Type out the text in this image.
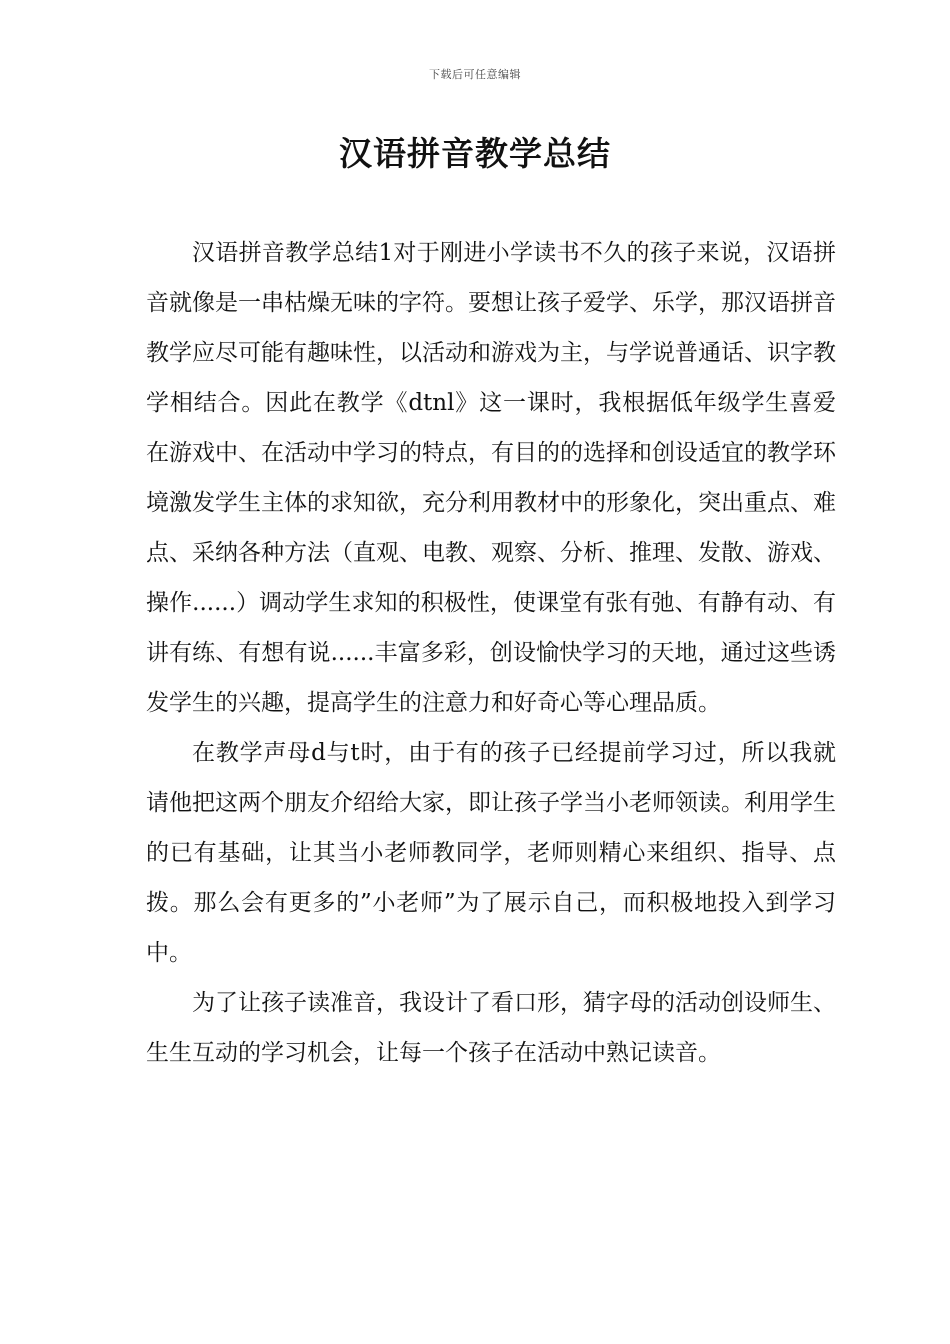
下载后可任意编辑
汉语拼音教学总结

汉语拼音教学总结1对于刚进小学读书不久的孩子来说，汉语拼音就像是一串枯燥无味的字符。要想让孩子爱学、乐学，那汉语拼音教学应尽可能有趣味性，以活动和游戏为主，与学说普通话、识字教学相结合。因此在教学《dtnl》这一课时，我根据低年级学生喜爱在游戏中、在活动中学习的特点，有目的的选择和创设适宜的教学环境激发学生主体的求知欲，充分利用教材中的形象化，突出重点、难点、采纳各种方法（直观、电教、观察、分析、推理、发散、游戏、操作......）调动学生求知的积极性，使课堂有张有弛、有静有动、有讲有练、有想有说......丰富多彩，创设愉快学习的天地，通过这些诱发学生的兴趣，提高学生的注意力和好奇心等心理品质。

在教学声母d与t时，由于有的孩子已经提前学习过，所以我就请他把这两个朋友介绍给大家，即让孩子学当小老师领读。利用学生的已有基础，让其当小老师教同学，老师则精心来组织、指导、点拨。那么会有更多的”小老师”为了展示自己，而积极地投入到学习中。

为了让孩子读准音，我设计了看口形，猜字母的活动创设师生、生生互动的学习机会，让每一个孩子在活动中熟记读音。
